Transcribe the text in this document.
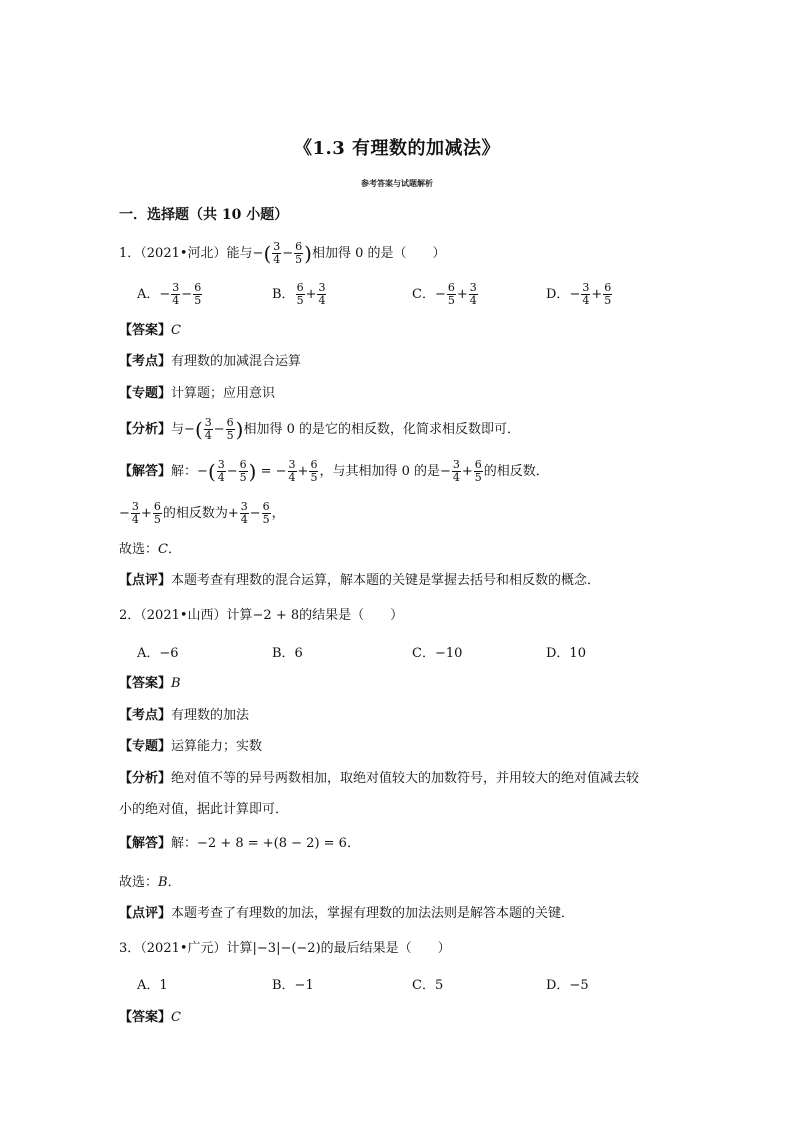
《1.3 有理数的加减法》
参考答案与试题解析
一．选择题（共 10 小题）
1．（2021•河北）能与−( $\frac{3}{4} - \frac{6}{5}$ )相加得 0 的是（　　）
A．− $\frac{3}{4} - \frac{6}{5}$	B． $\frac{6}{5} + \frac{3}{4}$	C．− $\frac{6}{5} + \frac{3}{4}$	D．− $\frac{3}{4} + \frac{6}{5}$
【答案】C
【考点】有理数的加减混合运算
【专题】计算题；应用意识
【分析】与−( $\frac{3}{4} - \frac{6}{5}$ )相加得 0 的是它的相反数，化简求相反数即可．
【解答】解：−( $\frac{3}{4} - \frac{6}{5}$ ) = − $\frac{3}{4} + \frac{6}{5}$ ，与其相加得 0 的是− $\frac{3}{4} + \frac{6}{5}$ 的相反数．
− $\frac{3}{4} + \frac{6}{5}$ 的相反数为+ $\frac{3}{4} - \frac{6}{5}$ ，
故选：C．
【点评】本题考查有理数的混合运算，解本题的关键是掌握去括号和相反数的概念．
2．（2021•山西）计算−2 + 8的结果是（　　）
A．−6	B．6	C．−10	D．10
【答案】B
【考点】有理数的加法
【专题】运算能力；实数
【分析】绝对值不等的异号两数相加，取绝对值较大的加数符号，并用较大的绝对值减去较
小的绝对值，据此计算即可．
【解答】解：−2 + 8 = +(8 − 2) = 6．
故选：B．
【点评】本题考查了有理数的加法，掌握有理数的加法法则是解答本题的关键．
3．（2021•广元）计算|−3|−(−2)的最后结果是（　　）
A．1	B．−1	C．5	D．−5
【答案】C
